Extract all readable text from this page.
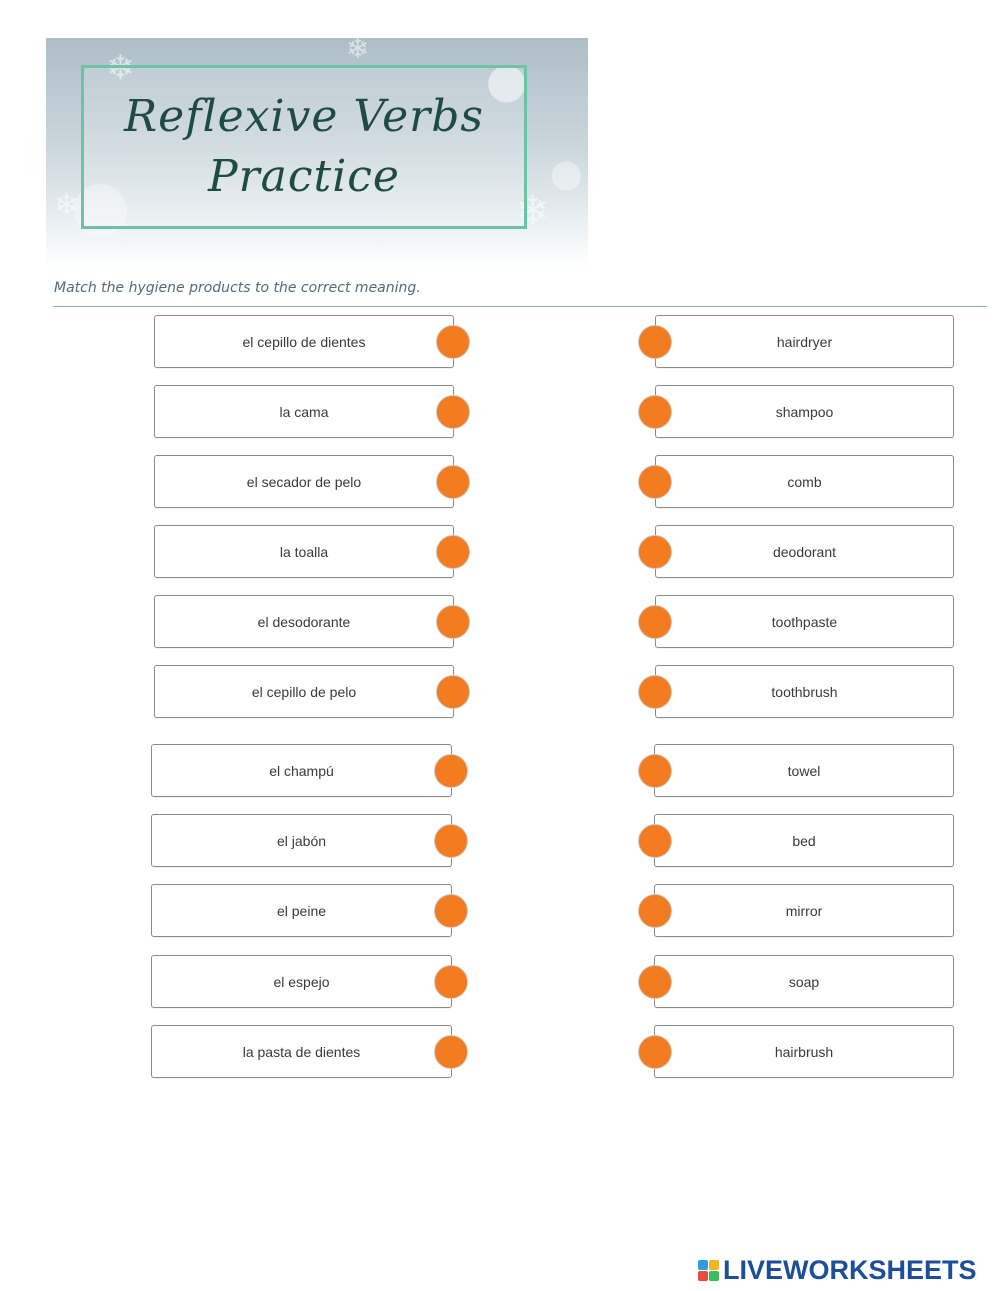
❄	❄
❄
❄
Reflexive Verbs
Practice
Match the hygiene products to the correct meaning.
el cepillo de dientes
la cama
el secador de pelo
la toalla
el desodorante
el cepillo de pelo
el champú
el jabón
el peine
el espejo
la pasta de dientes
hairdryer
shampoo
comb
deodorant
toothpaste
toothbrush
towel
bed
mirror
soap
hairbrush
LIVEWORKSHEETS
